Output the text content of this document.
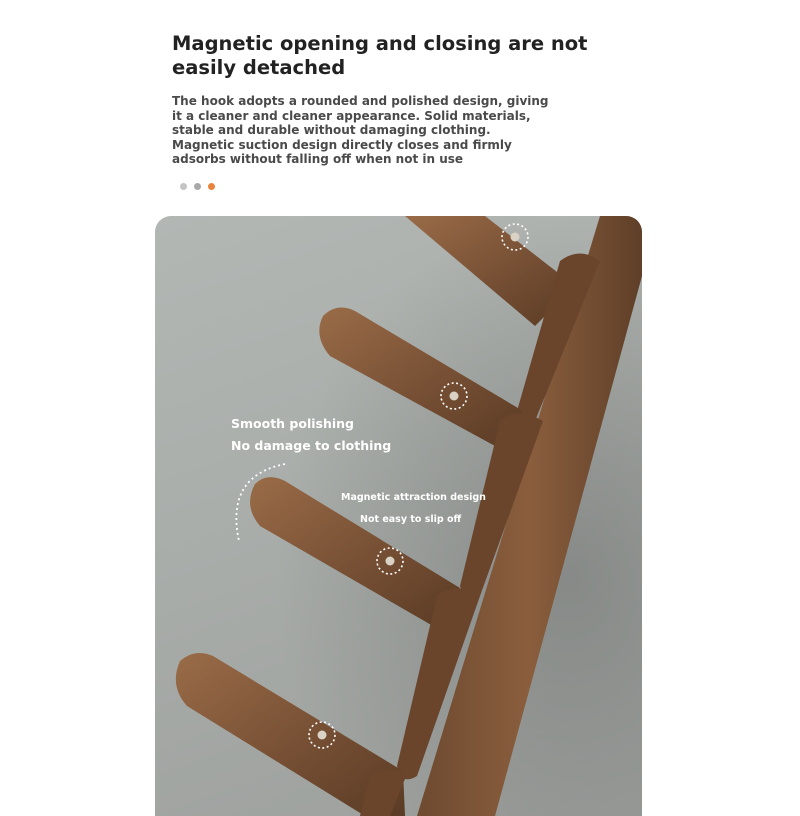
Magnetic opening and closing are not easily detached

The hook adopts a rounded and polished design, giving it a cleaner and cleaner appearance. Solid materials, stable and durable without damaging clothing. Magnetic suction design directly closes and firmly adsorbs without falling off when not in use

Smooth polishing
No damage to clothing
Magnetic attraction design
Not easy to slip off
